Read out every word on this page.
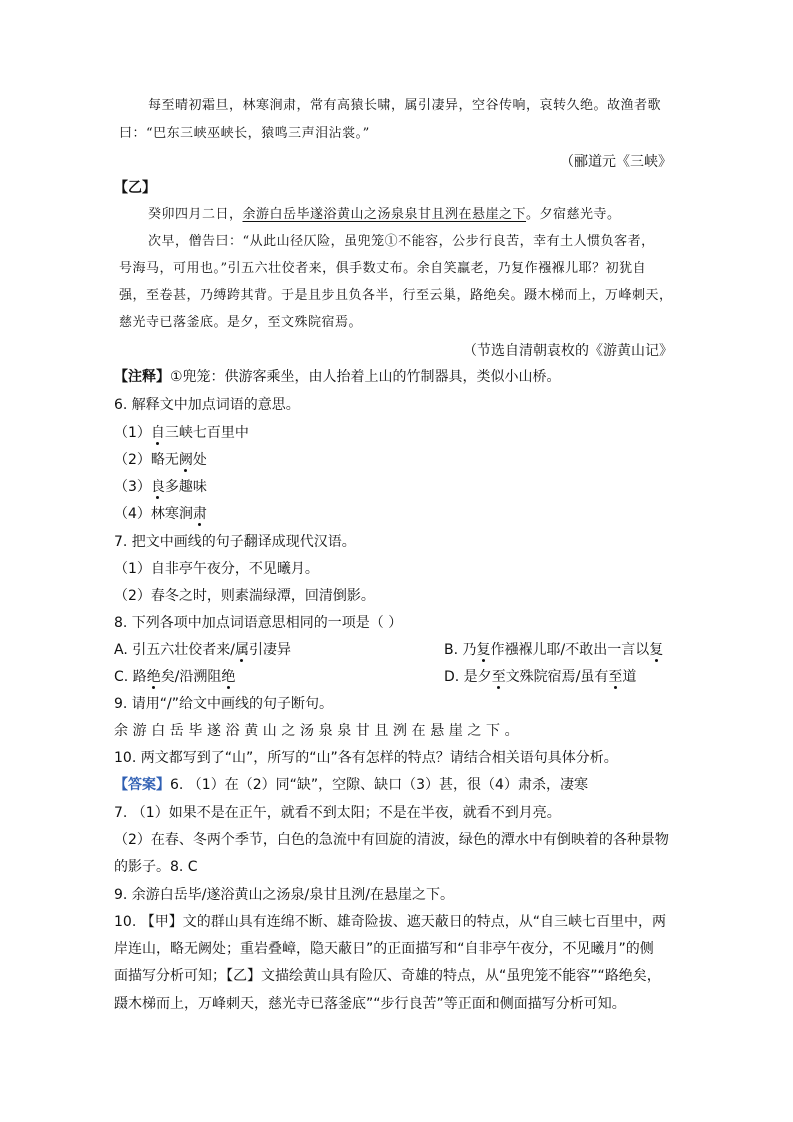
每至晴初霜旦，林寒涧肃，常有高猿长啸，属引凄异，空谷传响，哀转久绝。故渔者歌
曰：“巴东三峡巫峡长，猿鸣三声泪沾裳。”
（郦道元《三峡》
【乙】
癸卯四月二日，余游白岳毕遂浴黄山之汤泉泉甘且洌在悬崖之下。夕宿慈光寺。
次早，僧告曰：“从此山径仄险，虽兜笼①不能容，公步行良苦，幸有土人惯负客者，
号海马，可用也。”引五六壮佼者来，俱手数丈布。余自笑羸老，乃复作襁褓儿耶？初犹自
强，至卷甚，乃缚跨其背。于是且步且负各半，行至云巢，路绝矣。蹑木梯而上，万峰刺天，
慈光寺已落釜底。是夕，至文殊院宿焉。
（节选自清朝袁枚的《游黄山记》
【注释】①兜笼：供游客乘坐，由人抬着上山的竹制器具，类似小山桥。
6. 解释文中加点词语的意思。
（1）自三峡七百里中
（2）略无阙处
（3）良多趣味
（4）林寒涧肃
7. 把文中画线的句子翻译成现代汉语。
（1）自非亭午夜分，不见曦月。
（2）春冬之时，则素湍绿潭，回清倒影。
8. 下列各项中加点词语意思相同的一项是（ ）
A. 引五六壮佼者来/属引凄异	B. 乃复作襁褓儿耶/不敢出一言以复
C. 路绝矣/沿溯阻绝	D. 是夕至文殊院宿焉/虽有至道
9. 请用“/”给文中画线的句子断句。
余游白岳毕遂浴黄山之汤泉泉甘且洌在悬崖之下。
10. 两文都写到了“山”，所写的“山”各有怎样的特点？请结合相关语句具体分析。
【答案】6. （1）在（2）同“缺”，空隙、缺口（3）甚，很（4）肃杀，凄寒
7. （1）如果不是在正午，就看不到太阳；不是在半夜，就看不到月亮。
（2）在春、冬两个季节，白色的急流中有回旋的清波，绿色的潭水中有倒映着的各种景物
的影子。8. C
9. 余游白岳毕/遂浴黄山之汤泉/泉甘且洌/在悬崖之下。
10. 【甲】文的群山具有连绵不断、雄奇险拔、遮天蔽日的特点，从“自三峡七百里中，两
岸连山，略无阙处；重岩叠嶂，隐天蔽日”的正面描写和“自非亭午夜分，不见曦月”的侧
面描写分析可知；【乙】文描绘黄山具有险仄、奇雄的特点，从“虽兜笼不能容”“路绝矣，
蹑木梯而上，万峰刺天，慈光寺已落釜底”“步行良苦”等正面和侧面描写分析可知。
